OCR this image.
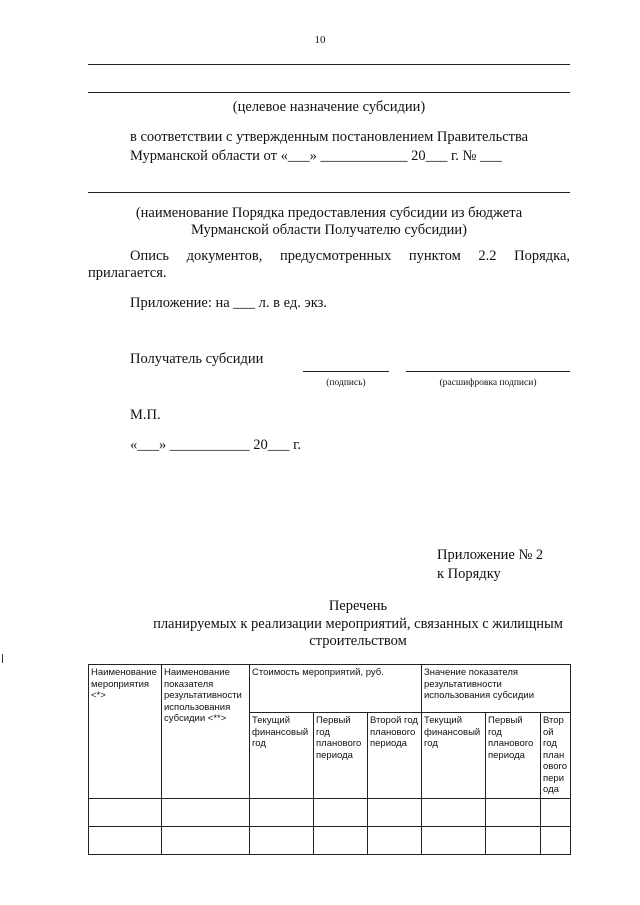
10
(целевое назначение субсидии)
в соответствии с утвержденным постановлением Правительства
Мурманской области от «___» ____________ 20___ г. № ___
(наименование Порядка предоставления субсидии из бюджета
Мурманской области Получателю субсидии)
Опись документов, предусмотренных пунктом 2.2 Порядка,
прилагается.
Приложение: на ___ л. в ед. экз.
Получатель субсидии
(подпись)	(расшифровка подписи)
М.П.
«___» ___________ 20___ г.
Приложение № 2
к Порядку
Перечень
планируемых к реализации мероприятий, связанных с жилищным
строительством
Наименование мероприятия <*>	Наименование показателя результативности использования субсидии <**>	Стоимость мероприятий, руб.			Значение показателя результативности использования субсидии		
		Текущий финансовый год	Первый год планового периода	Второй год планового периода	Текущий финансовый год	Первый год планового периода	Второй год планового периода
